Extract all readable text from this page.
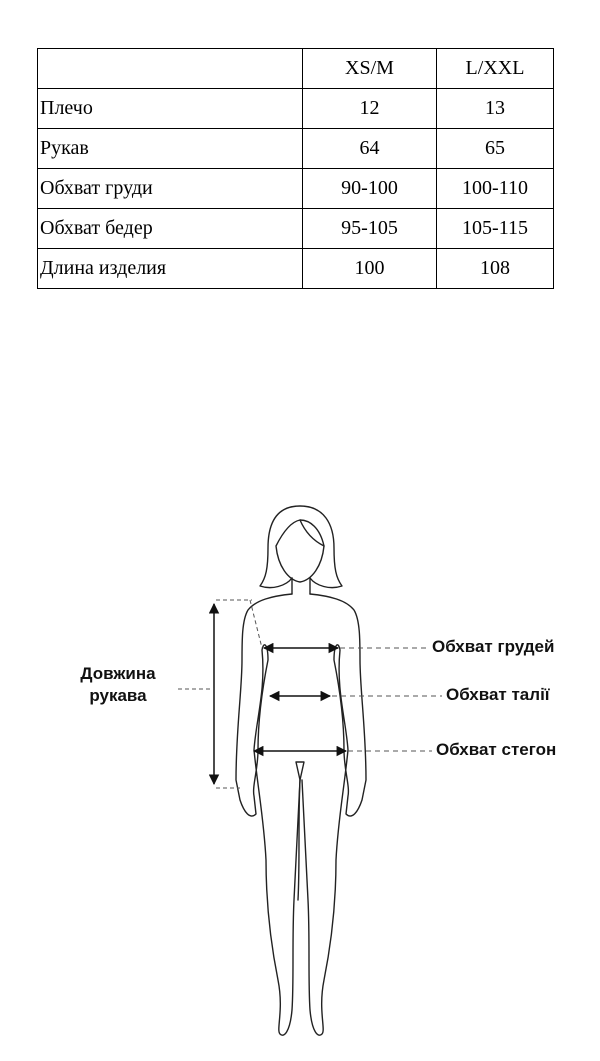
	XS/M	L/XXL
Плечо	12	13
Рукав	64	65
Обхват груди	90-100	100-110
Обхват бедер	95-105	105-115
Длина изделия	100	108
Довжина
рукава
Обхват грудей
Обхват талії
Обхват стегон
